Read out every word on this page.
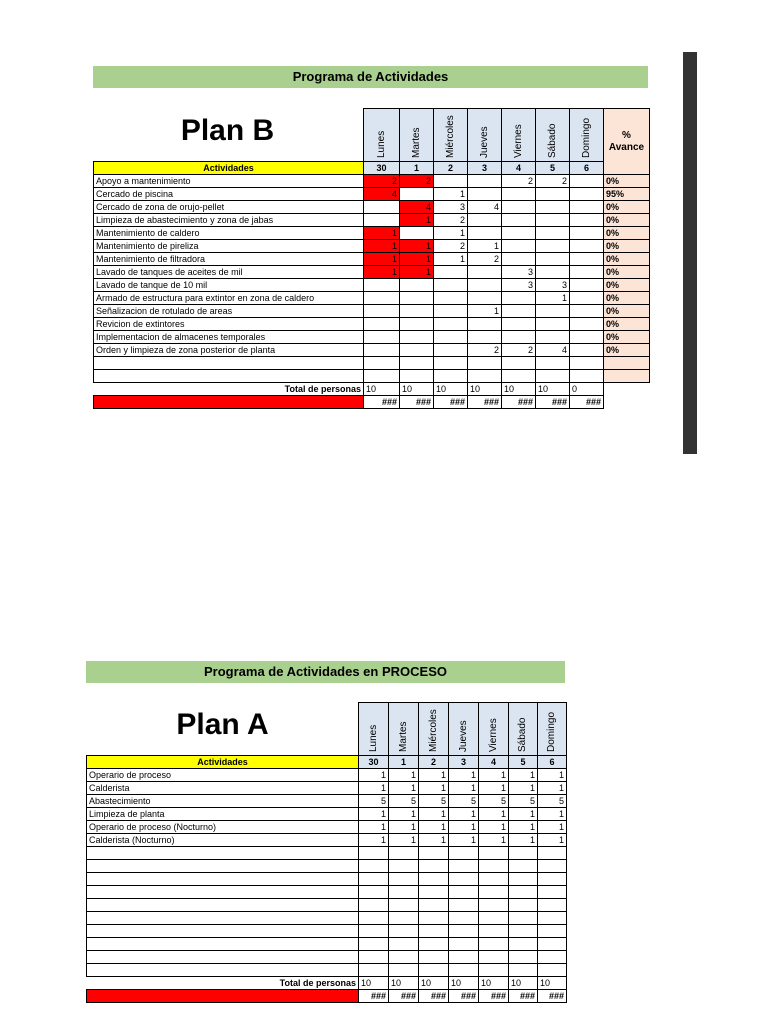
Programa de Actividades
Plan B

	Lunes	Martes	Miércoles	Jueves	Viernes	Sábado	Domingo	% Avance
Actividades	30	1	2	3	4	5	6	
Apoyo a mantenimiento	2	2			2	2		0%
Cercado de piscina	4		1					95%
Cercado de zona de orujo-pellet		4	3	4				0%
Limpieza de abastecimiento y zona de jabas		1	2					0%
Mantenimiento de caldero	1		1					0%
Mantenimiento de pireliza	1	1	2	1				0%
Mantenimiento de filtradora	1	1	1	2				0%
Lavado de tanques de aceites de mil	1	1			3			0%
Lavado de tanque de 10 mil					3	3		0%
Armado de estructura para extintor en zona de caldero						1		0%
Señalizacion de rotulado de areas				1				0%
Revicion de extintores								0%
Implementacion de almacenes temporales								0%
Orden y limpieza de zona posterior de planta				2	2	4		0%

Total de personas	10	10	10	10	10	10	0	
Actividades que no se cumplieron:	###	###	###	###	###	###	###	
Programa de Actividades en PROCESO
Plan A

	Lunes	Martes	Miércoles	Jueves	Viernes	Sábado	Domingo

Actividades	30	1	2	3	4	5	6
Operario de proceso	1	1	1	1	1	1	1
Calderista	1	1	1	1	1	1	1
Abastecimiento	5	5	5	5	5	5	5
Limpieza de planta	1	1	1	1	1	1	1
Operario de proceso (Nocturno)	1	1	1	1	1	1	1
Calderista (Nocturno)	1	1	1	1	1	1	1

Total de personas	10	10	10	10	10	10	10
Actividades que no se cumplieron:	###	###	###	###	###	###	###
